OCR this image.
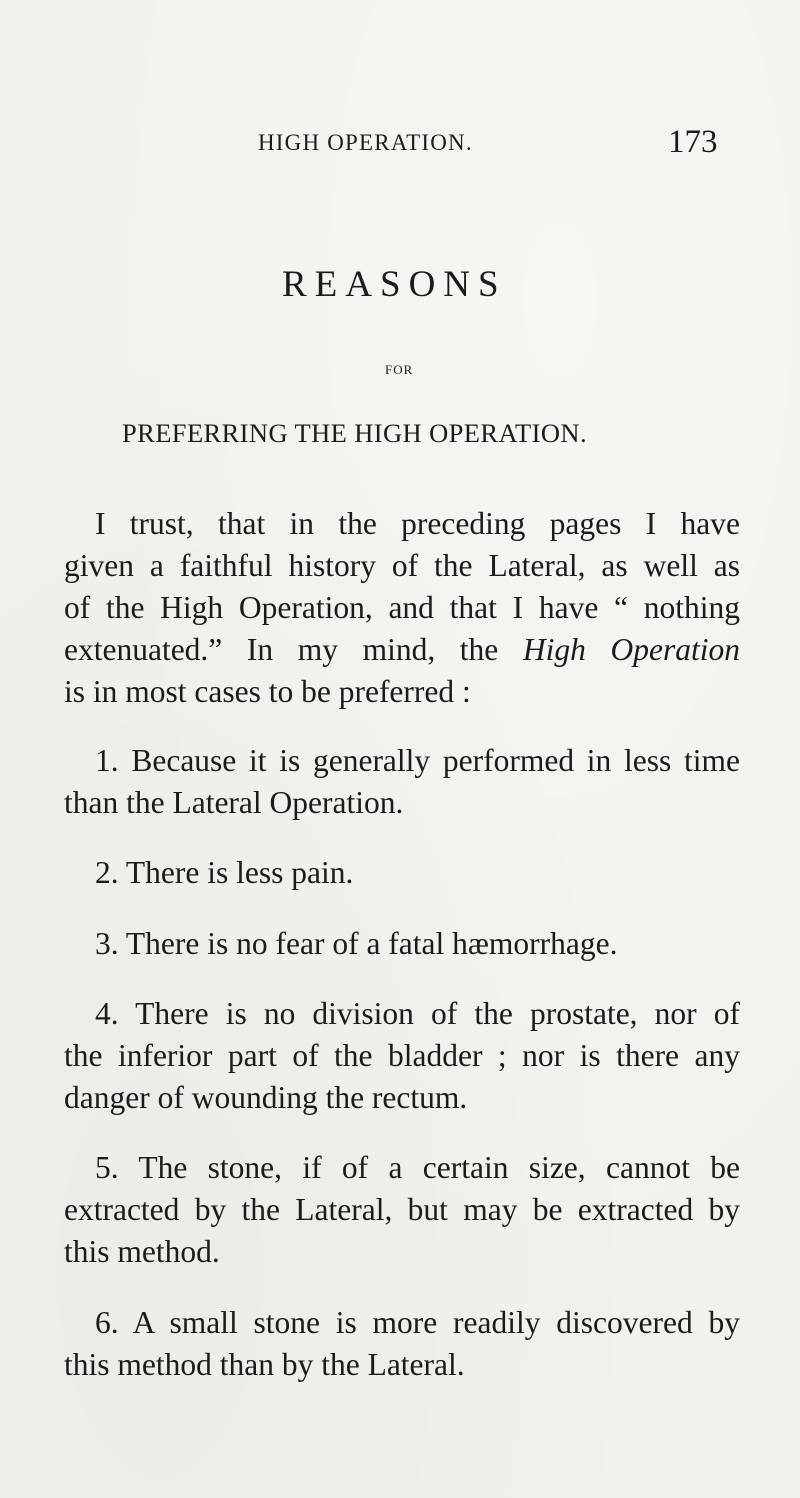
HIGH OPERATION.	173
REASONS
FOR
PREFERRING THE HIGH OPERATION.
I trust, that in the preceding pages I have
given a faithful history of the Lateral, as well as
of the High Operation, and that I have “ nothing
extenuated.” In my mind, the High Operation
is in most cases to be preferred :
1. Because it is generally performed in less time
than the Lateral Operation.
2. There is less pain.
3. There is no fear of a fatal hæmorrhage.
4. There is no division of the prostate, nor of
the inferior part of the bladder ; nor is there any
danger of wounding the rectum.
5. The stone, if of a certain size, cannot be
extracted by the Lateral, but may be extracted by
this method.
6. A small stone is more readily discovered by
this method than by the Lateral.
